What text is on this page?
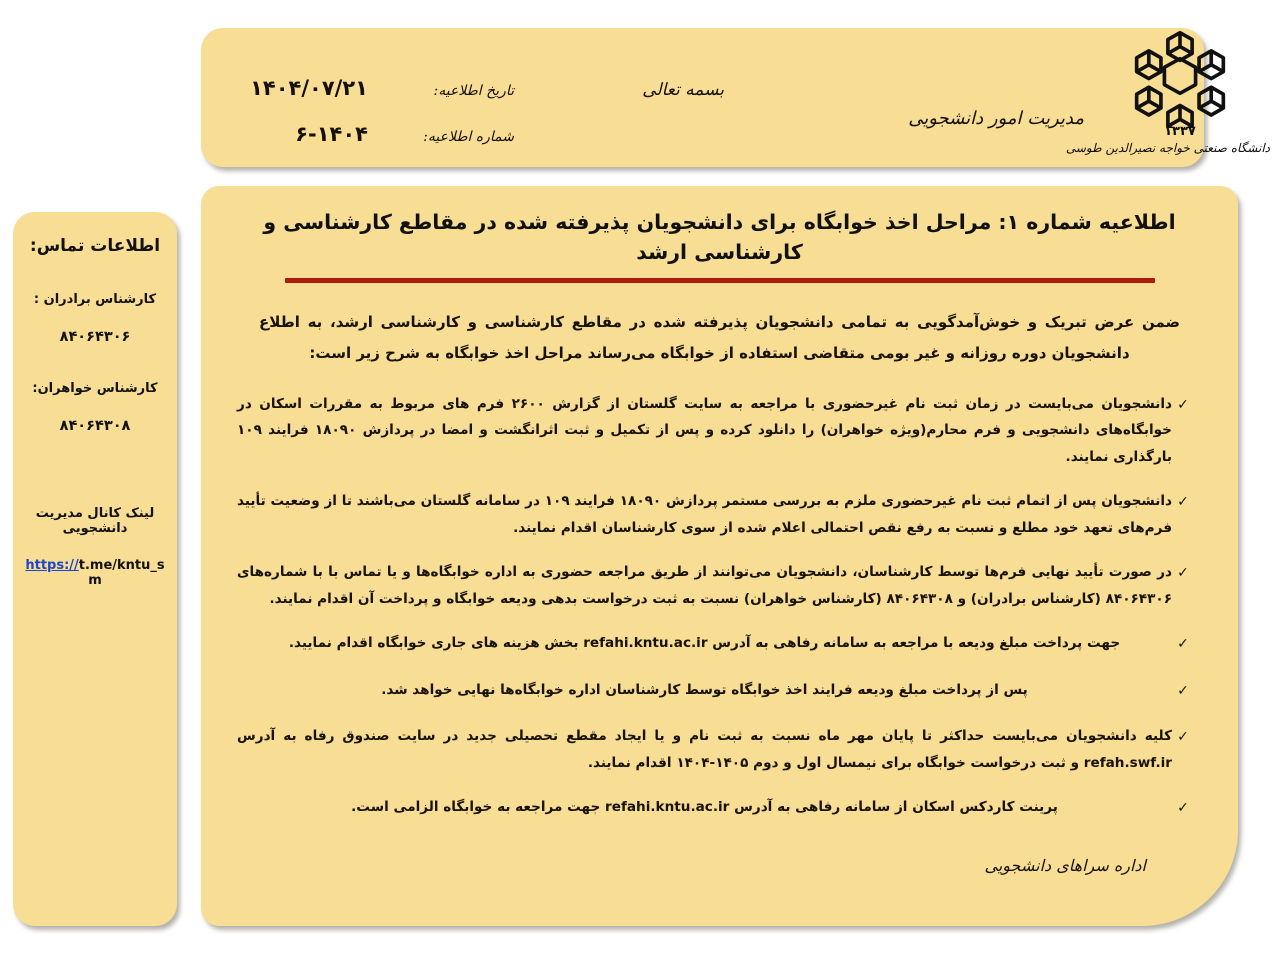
بسمه تعالی
مدیریت امور دانشجویی
تاریخ اطلاعیه:
۱۴۰۴/۰۷/۲۱
شماره اطلاعیه:
۶-۱۴۰۴	۱۳۳۷
دانشگاه صنعتی خواجه نصیرالدین طوسی
اطلاعات تماس:
کارشناس برادران :
۸۴۰۶۴۳۰۶
کارشناس خواهران:
۸۴۰۶۴۳۰۸
لینک کانال مدیریت دانشجویی
https://t.me/kntu_sm
اطلاعیه شماره ۱: مراحل اخذ خوابگاه برای دانشجویان پذیرفته شده در مقاطع کارشناسی و کارشناسی ارشد

ضمن عرض تبریک و خوش‌آمدگویی به تمامی دانشجویان پذیرفته شده در مقاطع کارشناسی و کارشناسی ارشد، به اطلاع دانشجویان دوره روزانه و غیر بومی متقاضی استفاده از خوابگاه می‌رساند مراحل اخذ خوابگاه به شرح زیر است:

✓
دانشجویان می‌بایست در زمان ثبت نام غیرحضوری با مراجعه به سایت گلستان از گزارش ۲۶۰۰ فرم های مربوط به مقررات اسکان در خوابگاه‌های دانشجویی و فرم محارم(ویژه خواهران) را دانلود کرده و پس از تکمیل و ثبت اثرانگشت و امضا در پردازش ۱۸۰۹۰ فرایند ۱۰۹ بارگذاری نمایند.
✓
دانشجویان پس از اتمام ثبت نام غیرحضوری ملزم به بررسی مستمر پردازش ۱۸۰۹۰ فرایند ۱۰۹ در سامانه گلستان می‌باشند تا از وضعیت تأیید فرم‌های تعهد خود مطلع و نسبت به رفع نقص احتمالی اعلام شده از سوی کارشناسان اقدام نمایند.
✓
در صورت تأیید نهایی فرم‌ها توسط کارشناسان، دانشجویان می‌توانند از طریق مراجعه حضوری به اداره خوابگاه‌ها و یا تماس با با شماره‌های ۸۴۰۶۴۳۰۶ (کارشناس برادران) و ۸۴۰۶۴۳۰۸ (کارشناس خواهران) نسبت به ثبت درخواست بدهی ودیعه خوابگاه و پرداخت آن اقدام نمایند.
✓
جهت پرداخت مبلغ ودیعه با مراجعه به سامانه رفاهی به آدرس refahi.kntu.ac.ir بخش هزینه های جاری خوابگاه اقدام نمایید.
✓
پس از پرداخت مبلغ ودیعه فرایند اخذ خوابگاه توسط کارشناسان اداره خوابگاه‌ها نهایی خواهد شد.
✓
کلیه دانشجویان می‌بایست حداکثر تا پایان مهر ماه نسبت به ثبت نام و یا ایجاد مقطع تحصیلی جدید در سایت صندوق رفاه به آدرس refah.swf.ir و ثبت درخواست خوابگاه برای نیمسال اول و دوم ۱۴۰۵-۱۴۰۴ اقدام نمایند.
✓
پرینت کاردکس اسکان از سامانه رفاهی به آدرس refahi.kntu.ac.ir جهت مراجعه به خوابگاه الزامی است.
اداره سراهای دانشجویی
